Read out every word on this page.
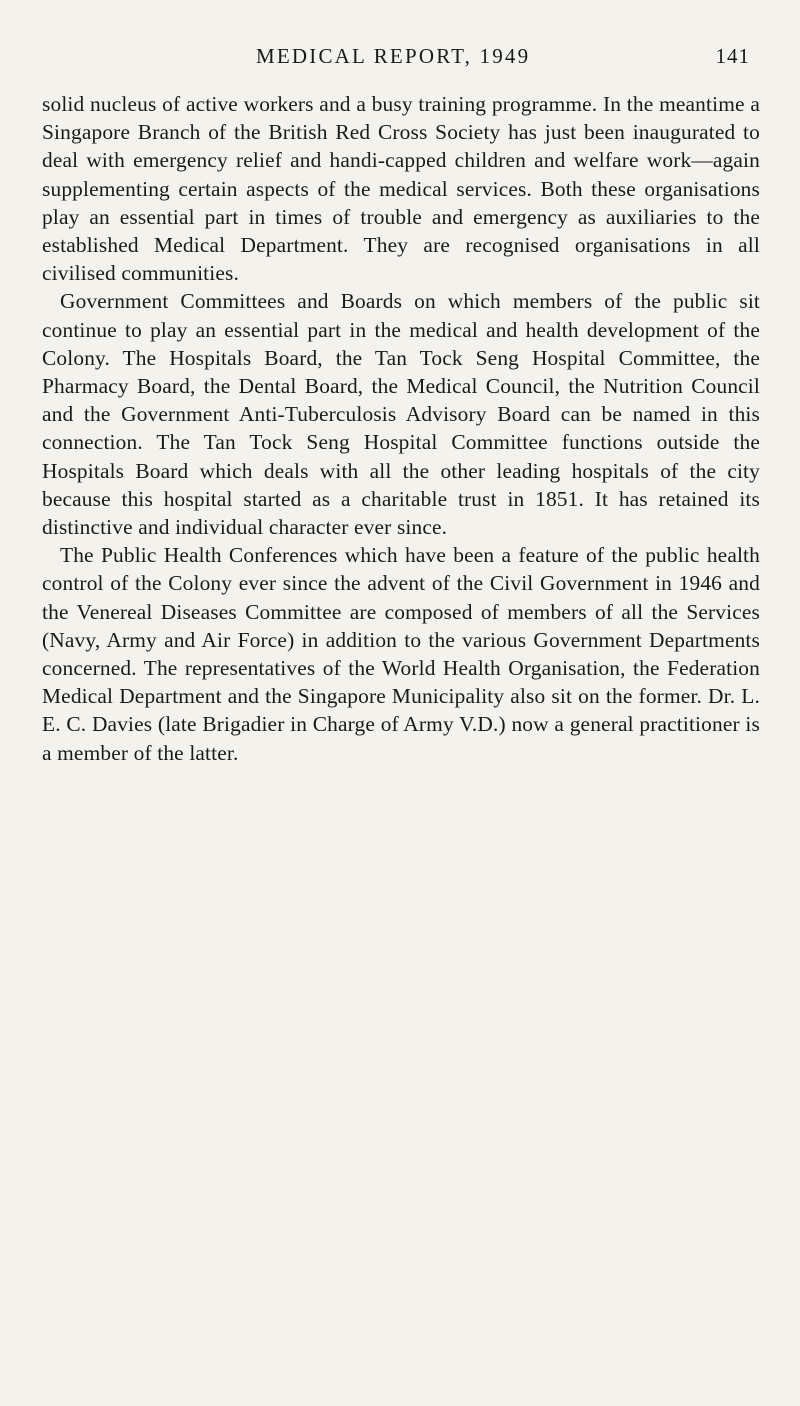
MEDICAL REPORT, 1949	141

solid nucleus of active workers and a busy training programme. In the meantime a Singapore Branch of the British Red Cross Society has just been inaugurated to deal with emergency relief and handi-capped children and welfare work—again supplementing certain aspects of the medical services. Both these organisations play an essential part in times of trouble and emergency as auxiliaries to the established Medical Department. They are recognised organisations in all civilised communities.

Government Committees and Boards on which members of the public sit continue to play an essential part in the medical and health development of the Colony. The Hospitals Board, the Tan Tock Seng Hospital Committee, the Pharmacy Board, the Dental Board, the Medical Council, the Nutrition Council and the Government Anti-Tuberculosis Advisory Board can be named in this connection. The Tan Tock Seng Hospital Committee functions outside the Hospitals Board which deals with all the other leading hospitals of the city because this hospital started as a charitable trust in 1851. It has retained its distinctive and individual character ever since.

The Public Health Conferences which have been a feature of the public health control of the Colony ever since the advent of the Civil Government in 1946 and the Venereal Diseases Committee are composed of members of all the Services (Navy, Army and Air Force) in addition to the various Government Departments concerned. The representatives of the World Health Organisation, the Federation Medical Department and the Singapore Municipality also sit on the former. Dr. L. E. C. Davies (late Brigadier in Charge of Army V.D.) now a general practitioner is a member of the latter.
